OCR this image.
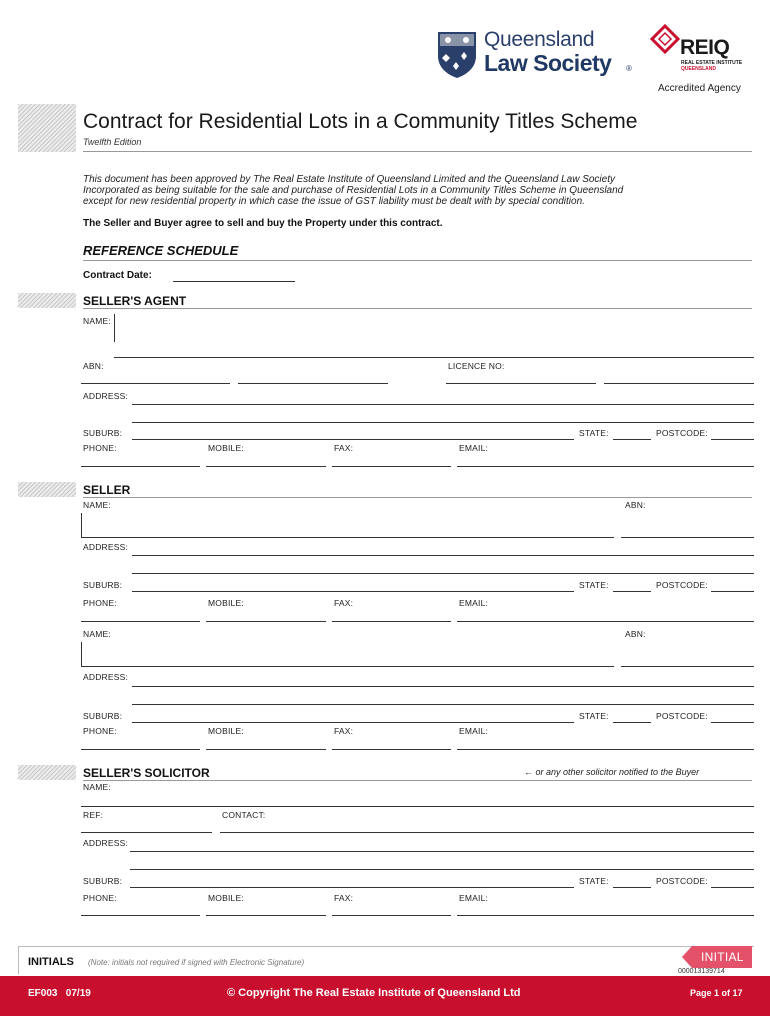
Queensland
Law Society ®
REIQ
REAL ESTATE INSTITUTE
QUEENSLAND
Accredited Agency
Contract for Residential Lots in a Community Titles Scheme
Twelfth Edition
This document has been approved by The Real Estate Institute of Queensland Limited and the Queensland Law Society
Incorporated as being suitable for the sale and purchase of Residential Lots in a Community Titles Scheme in Queensland
except for new residential property in which case the issue of GST liability must be dealt with by special condition.
The Seller and Buyer agree to sell and buy the Property under this contract.
REFERENCE SCHEDULE
Contract Date:
SELLER'S AGENT
NAME:
ABN:	LICENCE NO:
ADDRESS:
SUBURB:	STATE:	POSTCODE:
PHONE:	MOBILE:	FAX:	EMAIL:
SELLER
NAME:	ABN:
ADDRESS:
SUBURB:	STATE:	POSTCODE:
PHONE:	MOBILE:	FAX:	EMAIL:
NAME:	ABN:
ADDRESS:
SUBURB:	STATE:	POSTCODE:
PHONE:	MOBILE:	FAX:	EMAIL:
SELLER'S SOLICITOR	← or any other solicitor notified to the Buyer
NAME:
REF:	CONTACT:
ADDRESS:
SUBURB:	STATE:	POSTCODE:
PHONE:	MOBILE:	FAX:	EMAIL:
INITIALS (Note: initials not required if signed with Electronic Signature)	INITIAL
000013139714
EF003   07/19	© Copyright The Real Estate Institute of Queensland Ltd	Page 1 of 17
